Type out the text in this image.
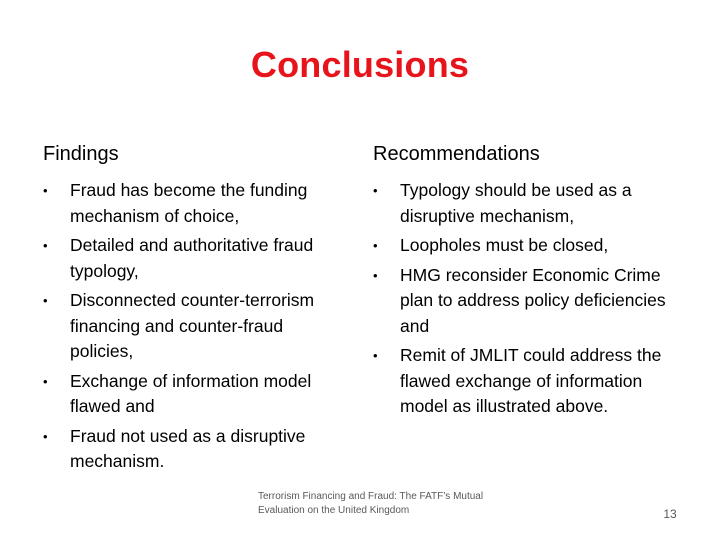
Conclusions
Findings
• Fraud has become the funding mechanism of choice,
• Detailed and authoritative fraud typology,
• Disconnected counter-terrorism financing and counter-fraud policies,
• Exchange of information model flawed and
• Fraud not used as a disruptive mechanism.
Recommendations
• Typology should be used as a disruptive mechanism,
• Loopholes must be closed,
• HMG reconsider Economic Crime plan to address policy deficiencies and
• Remit of JMLIT could address the flawed exchange of information model as illustrated above.
Terrorism Financing and Fraud: The FATF’s Mutual Evaluation on the United Kingdom	13
